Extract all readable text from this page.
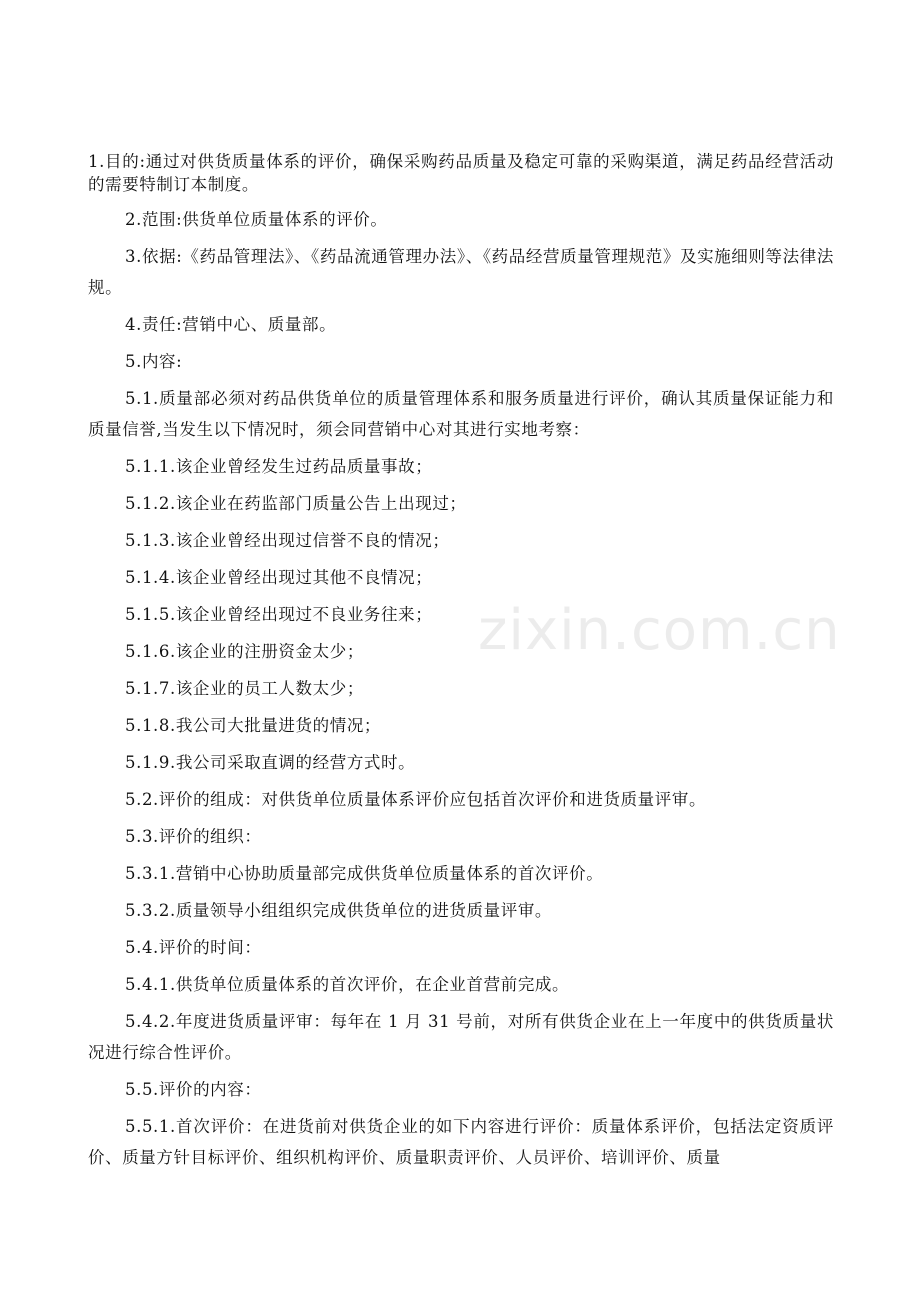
1.目的:通过对供货质量体系的评价，确保采购药品质量及稳定可靠的采购渠道，满足药品经营活动的需要特制订本制度。

2.范围:供货单位质量体系的评价。

3.依据:《药品管理法》、《药品流通管理办法》、《药品经营质量管理规范》及实施细则等法律法规。

4.责任:营销中心、质量部。

5.内容:

5.1.质量部必须对药品供货单位的质量管理体系和服务质量进行评价，确认其质量保证能力和质量信誉,当发生以下情况时，须会同营销中心对其进行实地考察：

5.1.1.该企业曾经发生过药品质量事故；

5.1.2.该企业在药监部门质量公告上出现过；

5.1.3.该企业曾经出现过信誉不良的情况；

5.1.4.该企业曾经出现过其他不良情况；

5.1.5.该企业曾经出现过不良业务往来；

5.1.6.该企业的注册资金太少；

5.1.7.该企业的员工人数太少；

5.1.8.我公司大批量进货的情况；

5.1.9.我公司采取直调的经营方式时。

5.2.评价的组成：对供货单位质量体系评价应包括首次评价和进货质量评审。

5.3.评价的组织：

5.3.1.营销中心协助质量部完成供货单位质量体系的首次评价。

5.3.2.质量领导小组组织完成供货单位的进货质量评审。

5.4.评价的时间：

5.4.1.供货单位质量体系的首次评价，在企业首营前完成。

5.4.2.年度进货质量评审：每年在 1 月 31 号前，对所有供货企业在上一年度中的供货质量状况进行综合性评价。

5.5.评价的内容：

5.5.1.首次评价：在进货前对供货企业的如下内容进行评价：质量体系评价，包括法定资质评价、质量方针目标评价、组织机构评价、质量职责评价、人员评价、培训评价、质量

zixin.com.cn
